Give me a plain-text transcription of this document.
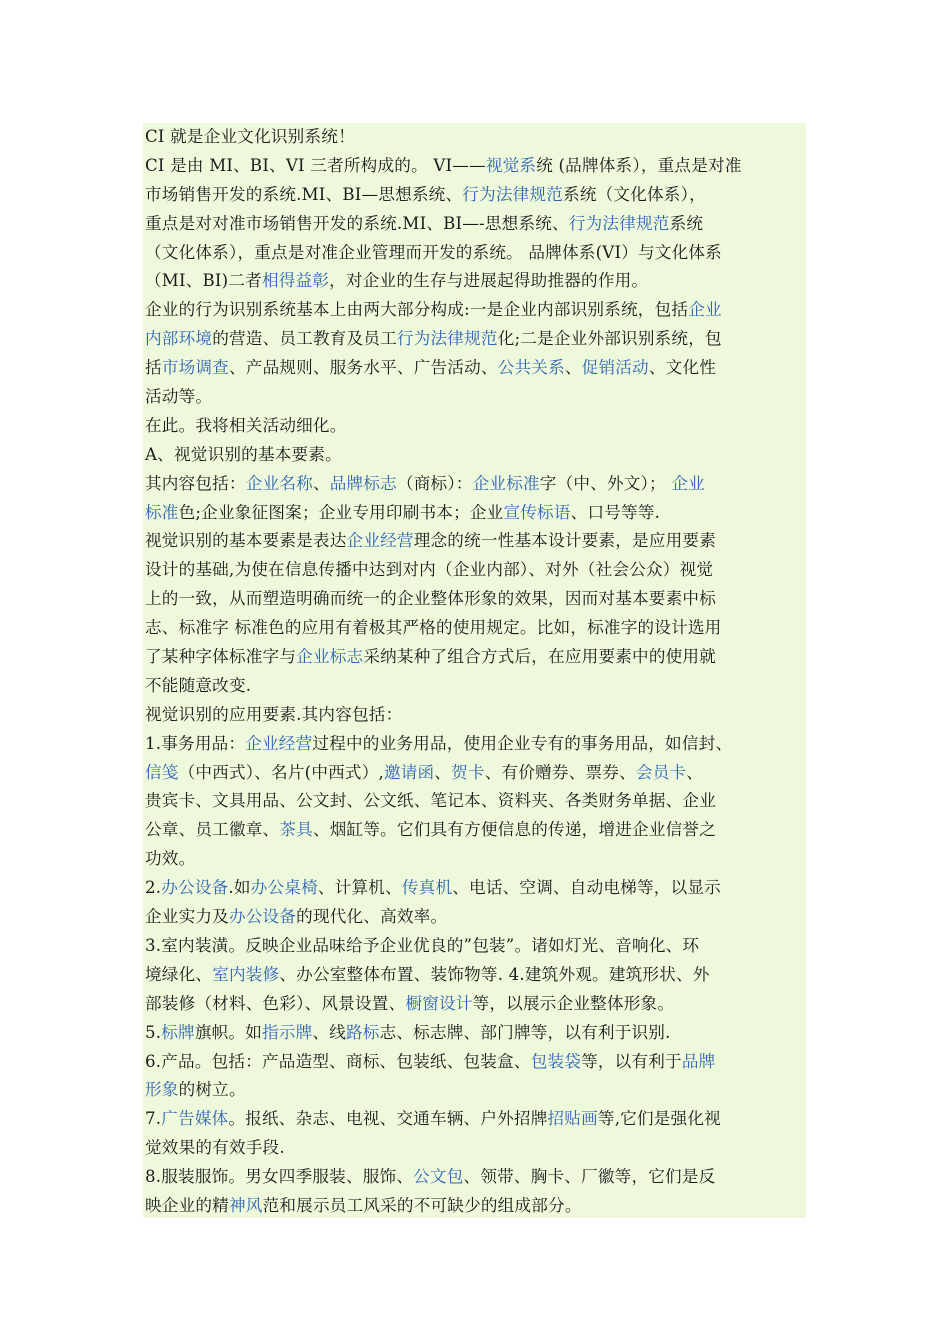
CI 就是企业文化识别系统！
CI 是由 MI、BI、VI 三者所构成的。 VI——视觉系统 (品牌体系），重点是对准
市场销售开发的系统.MI、BI—思想系统、行为法律规范系统（文化体系），
重点是对对准市场销售开发的系统.MI、BI—-思想系统、行为法律规范系统
（文化体系），重点是对准企业管理而开发的系统。 品牌体系(VI）与文化体系
（MI、BI)二者相得益彰，对企业的生存与进展起得助推器的作用。
企业的行为识别系统基本上由两大部分构成:一是企业内部识别系统，包括企业
内部环境的营造、员工教育及员工行为法律规范化;二是企业外部识别系统，包
括市场调查、产品规则、服务水平、广告活动、公共关系、促销活动、文化性
活动等。
在此。我将相关活动细化。
A、视觉识别的基本要素。
其内容包括：企业名称、品牌标志（商标）：企业标准字（中、外文）； 企业
标准色;企业象征图案；企业专用印刷书本；企业宣传标语、口号等等.
视觉识别的基本要素是表达企业经营理念的统一性基本设计要素，是应用要素
设计的基础,为使在信息传播中达到对内（企业内部）、对外（社会公众）视觉
上的一致，从而塑造明确而统一的企业整体形象的效果，因而对基本要素中标
志、标准字 标准色的应用有着极其严格的使用规定。比如，标准字的设计选用
了某种字体标准字与企业标志采纳某种了组合方式后，在应用要素中的使用就
不能随意改变.
视觉识别的应用要素.其内容包括：
1.事务用品：企业经营过程中的业务用品，使用企业专有的事务用品，如信封、
信笺（中西式）、名片(中西式）,邀请函、贺卡、有价赠券、票券、会员卡、
贵宾卡、文具用品、公文封、公文纸、笔记本、资料夹、各类财务单据、企业
公章、员工徽章、茶具、烟缸等。它们具有方便信息的传递，增进企业信誉之
功效。
2.办公设备.如办公桌椅、计算机、传真机、电话、空调、自动电梯等，以显示
企业实力及办公设备的现代化、高效率。
3.室内装潢。反映企业品味给予企业优良的”包装”。诸如灯光、音响化、环
境绿化、室内装修、办公室整体布置、装饰物等. 4.建筑外观。建筑形状、外
部装修（材料、色彩）、风景设置、橱窗设计等，以展示企业整体形象。
5.标牌旗帜。如指示牌、线路标志、标志牌、部门牌等，以有利于识别.
6.产品。包括：产品造型、商标、包装纸、包装盒、包装袋等，以有利于品牌
形象的树立。
7.广告媒体。报纸、杂志、电视、交通车辆、户外招牌招贴画等,它们是强化视
觉效果的有效手段.
8.服装服饰。男女四季服装、服饰、公文包、领带、胸卡、厂徽等，它们是反
映企业的精神风范和展示员工风采的不可缺少的组成部分。
